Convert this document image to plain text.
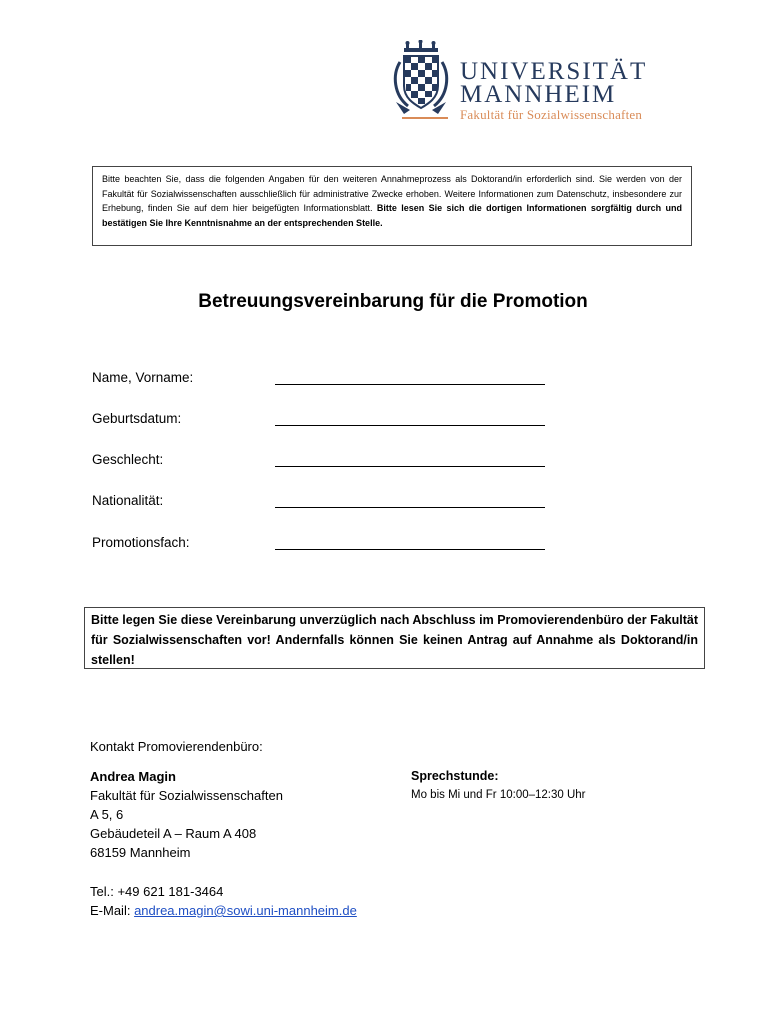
UNIVERSITÄT
MANNHEIM
Fakultät für Sozialwissenschaften
Bitte beachten Sie, dass die folgenden Angaben für den weiteren Annahmeprozess als Doktorand/in erforderlich sind. Sie werden von der Fakultät für Sozialwissenschaften ausschließlich für administrative Zwecke erhoben. Weitere Informationen zum Datenschutz, insbesondere zur Erhebung, finden Sie auf dem hier beigefügten Informationsblatt. Bitte lesen Sie sich die dortigen Informationen sorgfältig durch und bestätigen Sie Ihre Kenntnisnahme an der entsprechenden Stelle.
Betreuungsvereinbarung für die Promotion
Name, Vorname:
Geburtsdatum:
Geschlecht:
Nationalität:
Promotionsfach:
Bitte legen Sie diese Vereinbarung unverzüglich nach Abschluss im Promovierendenbüro der Fakultät für Sozialwissenschaften vor! Andernfalls können Sie keinen Antrag auf Annahme als Doktorand/in stellen!
Kontakt Promovierendenbüro:
Andrea Magin
Fakultät für Sozialwissenschaften
A 5, 6
Gebäudeteil A – Raum A 408
68159 Mannheim
Sprechstunde:
Mo bis Mi und Fr 10:00–12:30 Uhr
Tel.: +49 621 181-3464
E-Mail: andrea.magin@sowi.uni-mannheim.de
